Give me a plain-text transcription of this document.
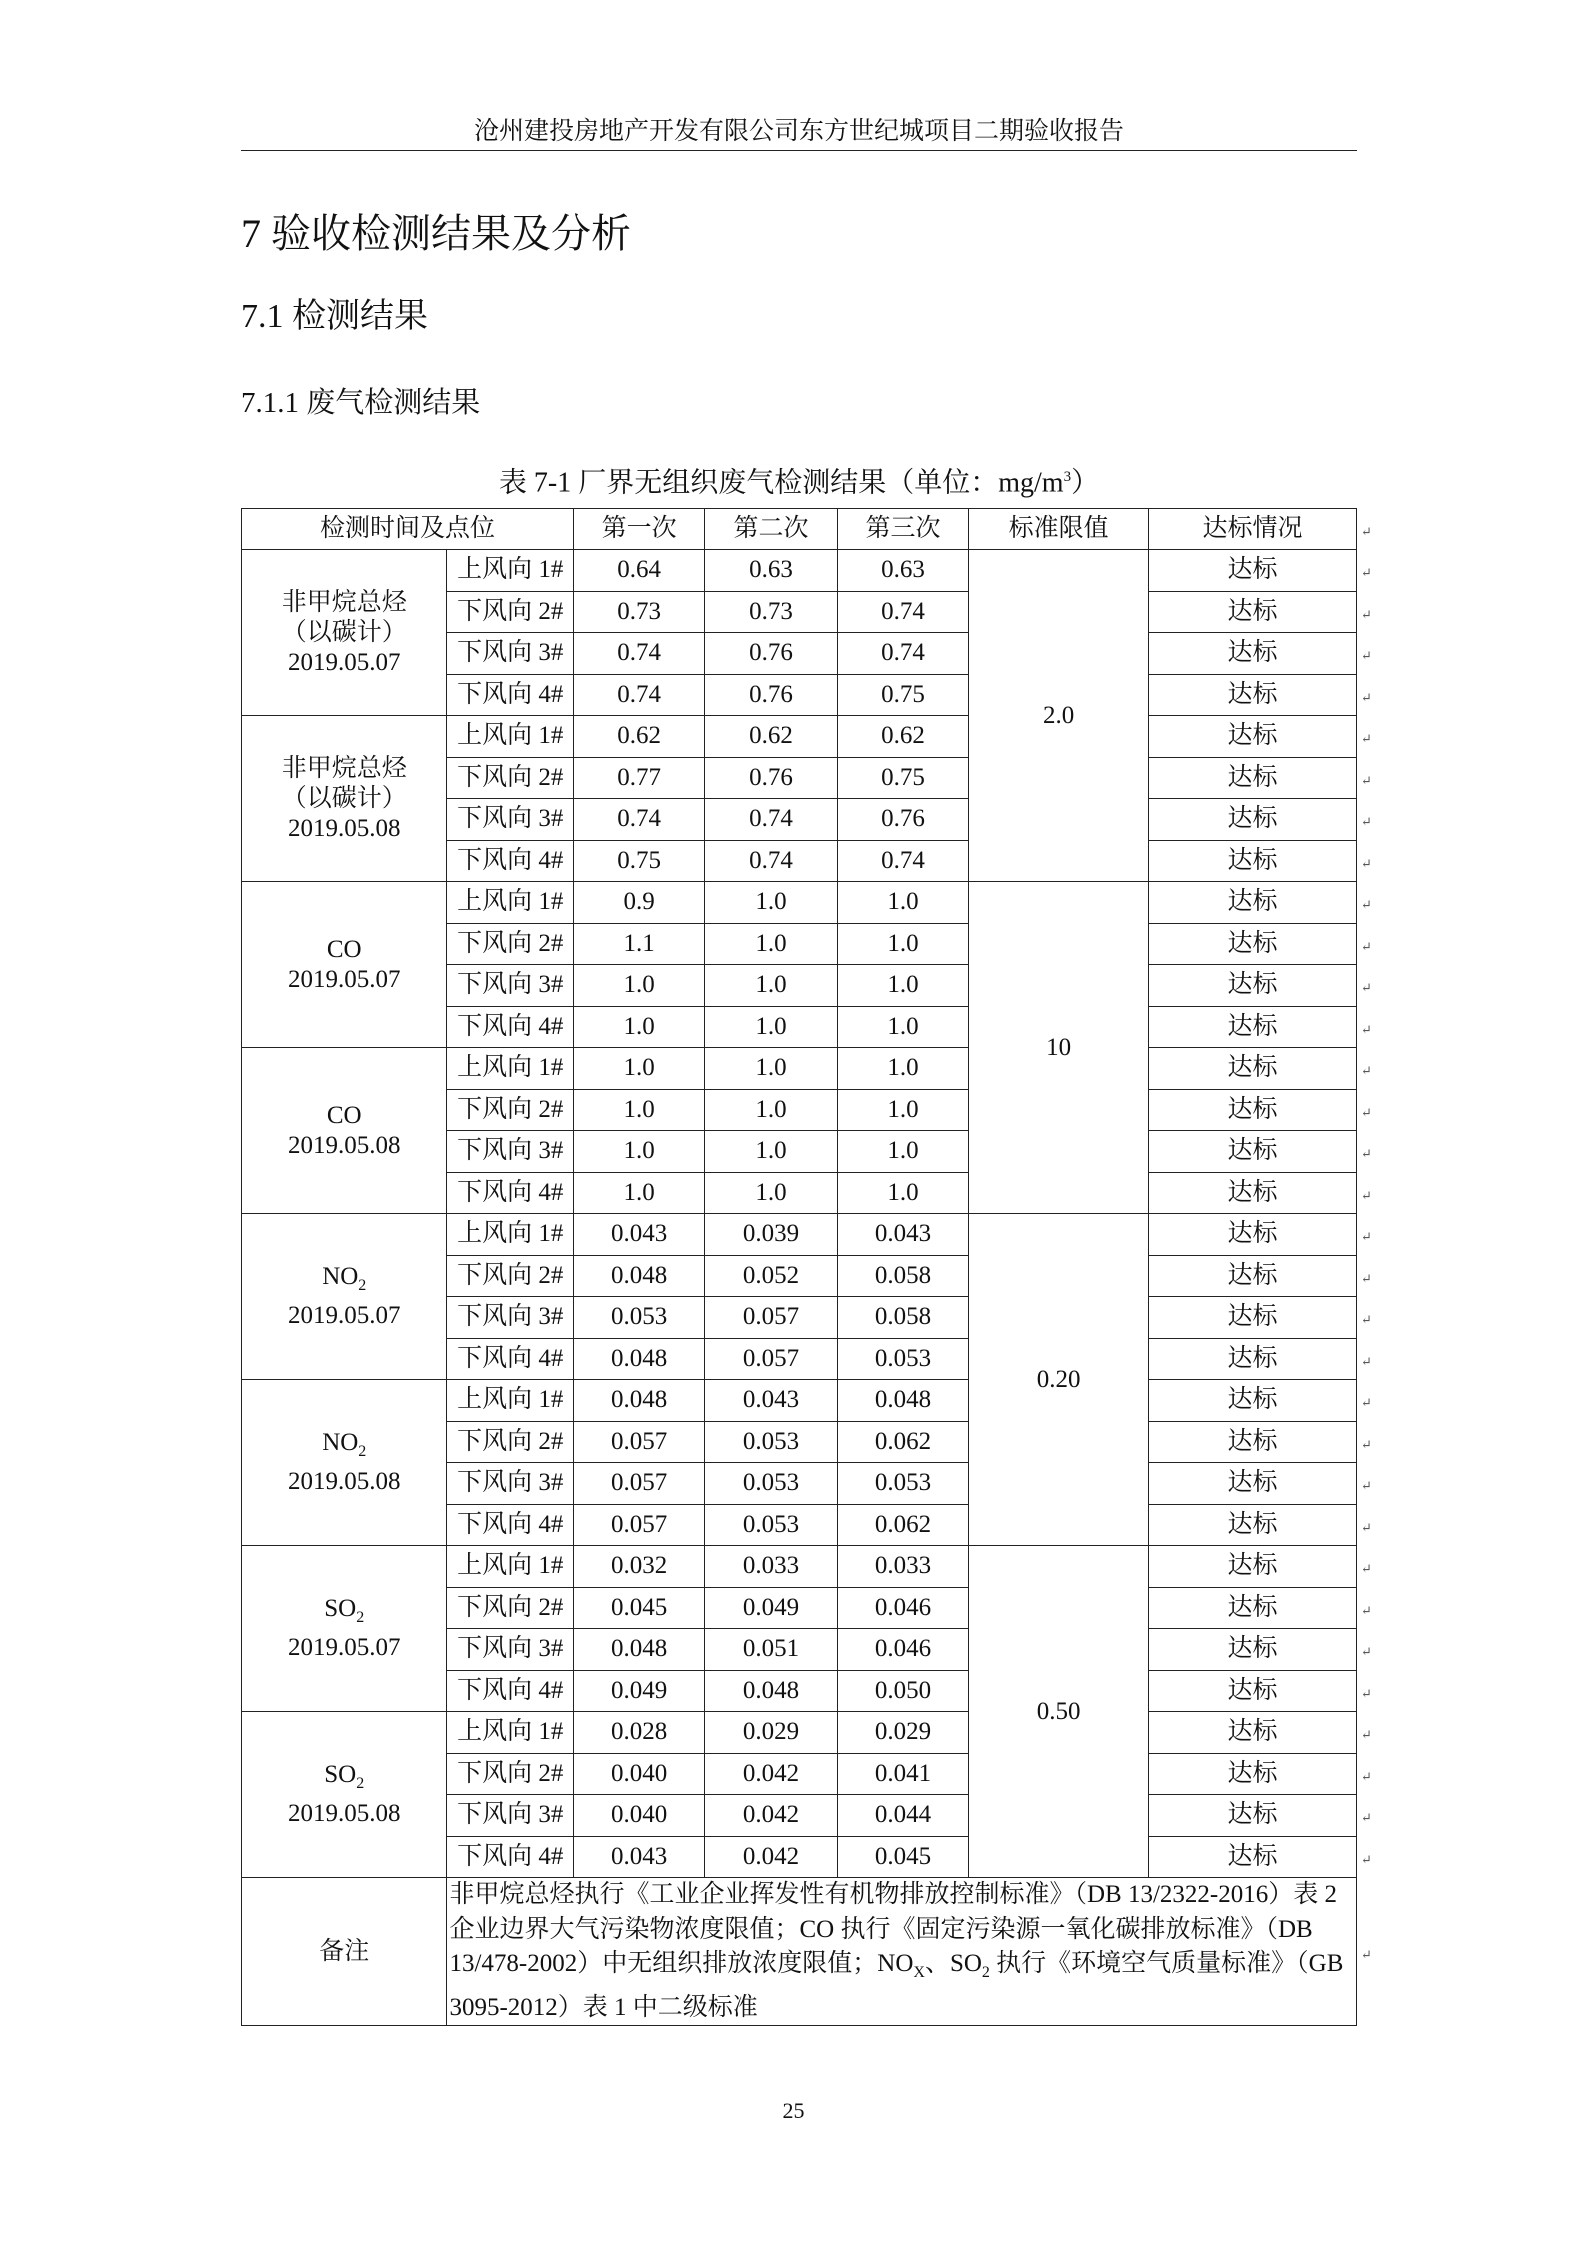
沧州建投房地产开发有限公司东方世纪城项目二期验收报告
7 验收检测结果及分析
7.1 检测结果
7.1.1 废气检测结果
表 7-1 厂界无组织废气检测结果（单位：$mg/m^3$）
检测时间及点位		第一次	第二次	第三次	标准限值	达标情况

非甲烷总烃
（以碳计）
2019.05.07	上风向 1#	0.64	0.63	0.63	2.0	达标
	下风向 2#	0.73	0.73	0.74		达标
	下风向 3#	0.74	0.76	0.74		达标
	下风向 4#	0.74	0.76	0.75		达标

非甲烷总烃
（以碳计）
2019.05.08	上风向 1#	0.62	0.62	0.62		达标
	下风向 2#	0.77	0.76	0.75		达标
	下风向 3#	0.74	0.74	0.76		达标
	下风向 4#	0.75	0.74	0.74		达标

CO
2019.05.07	上风向 1#	0.9	1.0	1.0	10	达标
	下风向 2#	1.1	1.0	1.0		达标
	下风向 3#	1.0	1.0	1.0		达标
	下风向 4#	1.0	1.0	1.0		达标

CO
2019.05.08	上风向 1#	1.0	1.0	1.0		达标
	下风向 2#	1.0	1.0	1.0		达标
	下风向 3#	1.0	1.0	1.0		达标
	下风向 4#	1.0	1.0	1.0		达标

$NO_2$
2019.05.07	上风向 1#	0.043	0.039	0.043	0.20	达标
	下风向 2#	0.048	0.052	0.058		达标
	下风向 3#	0.053	0.057	0.058		达标
	下风向 4#	0.048	0.057	0.053		达标

$NO_2$
2019.05.08	上风向 1#	0.048	0.043	0.048		达标
	下风向 2#	0.057	0.053	0.062		达标
	下风向 3#	0.057	0.053	0.053		达标
	下风向 4#	0.057	0.053	0.062		达标

$SO_2$
2019.05.07	上风向 1#	0.032	0.033	0.033	0.50	达标
	下风向 2#	0.045	0.049	0.046		达标
	下风向 3#	0.048	0.051	0.046		达标
	下风向 4#	0.049	0.048	0.050		达标

$SO_2$
2019.05.08	上风向 1#	0.028	0.029	0.029		达标
	下风向 2#	0.040	0.042	0.041		达标
	下风向 3#	0.040	0.042	0.044		达标
	下风向 4#	0.043	0.042	0.045		达标
备注	非甲烷总烃执行《工业企业挥发性有机物排放控制标准》（DB 13/2322-2016）表 2 企业边界大气污染物浓度限值；CO 执行《固定污染源一氧化碳排放标准》（DB 13/478-2002）中无组织排放浓度限值；$NO_X$、$SO_2$ 执行《环境空气质量标准》（GB 3095-2012）表 1 中二级标准					
↵
↵
↵
↵
↵
↵
↵
↵
↵
↵
↵
↵
↵
↵
↵
↵
↵
↵
↵
↵
↵
↵
↵
↵
↵
↵
↵
↵
↵
↵
↵
↵
↵
↵
25
